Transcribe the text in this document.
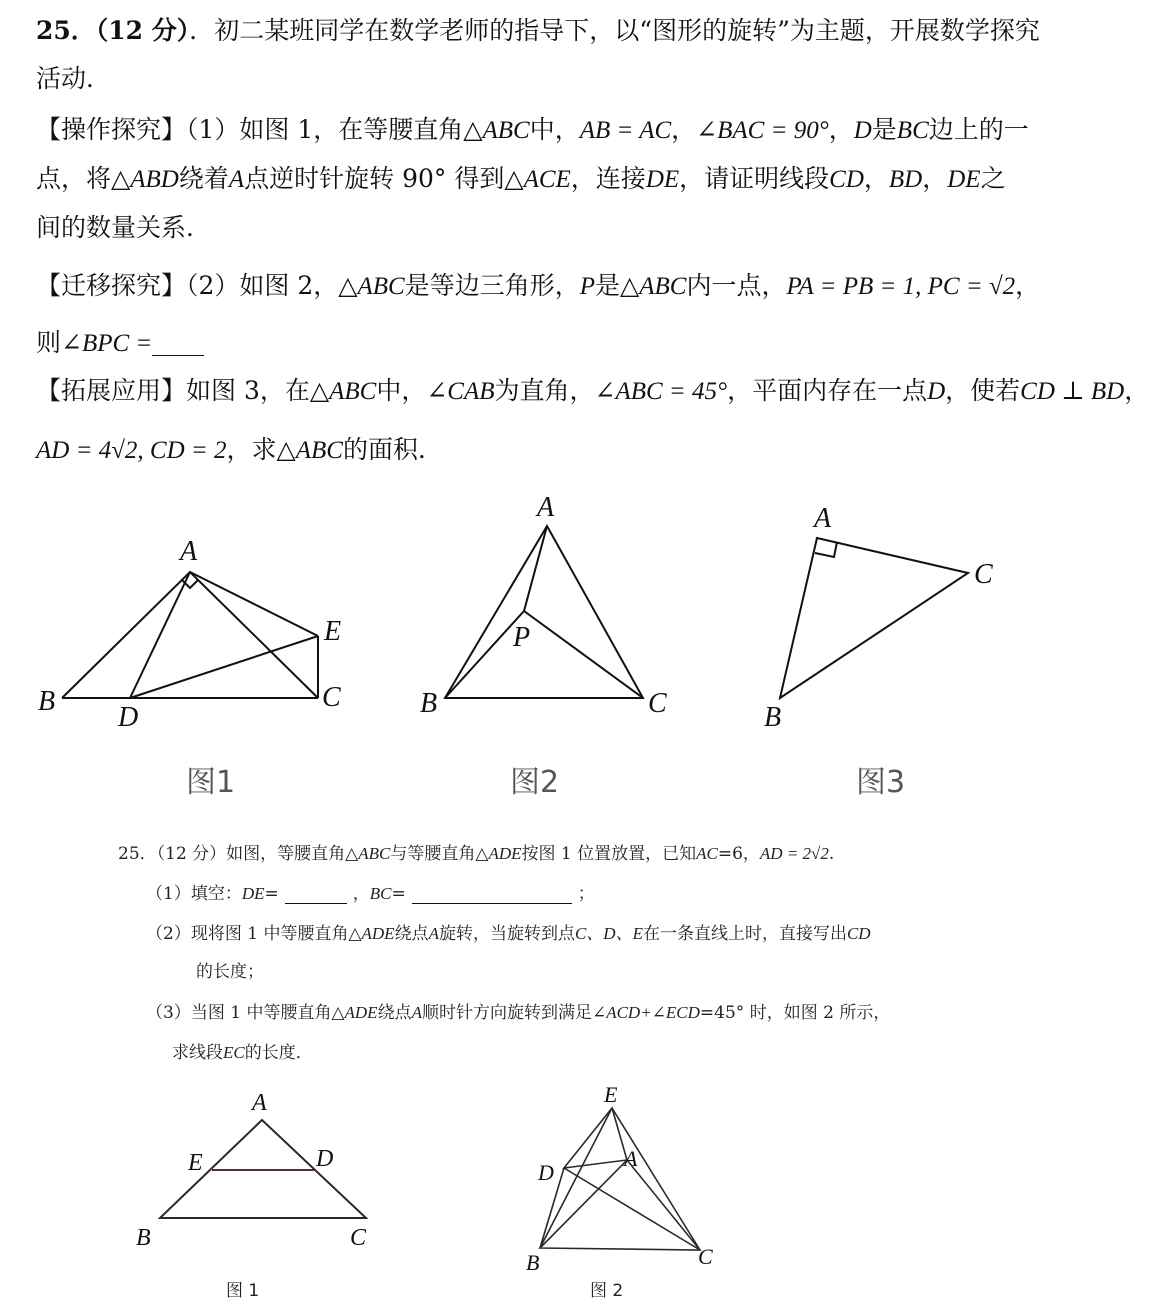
25．（12 分）．初二某班同学在数学老师的指导下，以“图形的旋转”为主题，开展数学探究
活动．
【操作探究】（1）如图 1，在等腰直角△ABC中，AB = AC，∠BAC = 90°，D是BC边上的一
点，将△ABD绕着A点逆时针旋转 90° 得到△ACE，连接DE，请证明线段CD，BD，DE之
间的数量关系．
【迁移探究】（2）如图 2，△ABC是等边三角形，P是△ABC内一点，PA = PB = 1, PC = √2，
则∠BPC =
【拓展应用】如图 3，在△ABC中，∠CAB为直角，∠ABC = 45°，平面内存在一点D，使若CD ⊥ BD，
AD = 4√2, CD = 2，求△ABC的面积．
A
B	C
D
E
A
B	C
P
A
B
C
图1	图2	图3
25．（12 分）如图，等腰直角△ABC与等腰直角△ADE按图 1 位置放置，已知AC=6，AD = 2√2.
（1）填空：DE=	，BC=	；
（2）现将图 1 中等腰直角△ADE绕点A旋转，当旋转到点C、D、E在一条直线上时，直接写出CD
的长度；
（3）当图 1 中等腰直角△ADE绕点A顺时针方向旋转到满足∠ACD+∠ECD=45° 时，如图 2 所示，
求线段EC的长度．
A
B	C
D
E
E
D
A
B	C
图 1	图 2
